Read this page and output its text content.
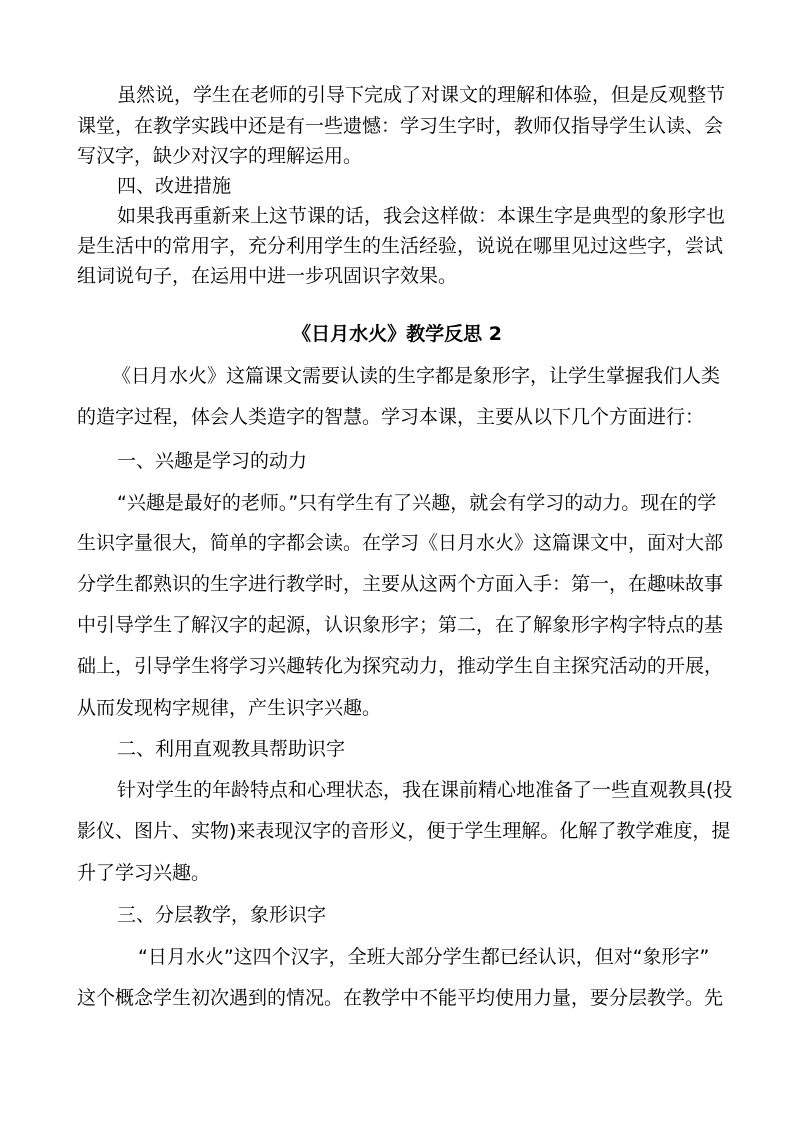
虽然说，学生在老师的引导下完成了对课文的理解和体验，但是反观整节
课堂，在教学实践中还是有一些遗憾：学习生字时，教师仅指导学生认读、会
写汉字，缺少对汉字的理解运用。
四、改进措施
如果我再重新来上这节课的话，我会这样做：本课生字是典型的象形字也
是生活中的常用字，充分利用学生的生活经验，说说在哪里见过这些字，尝试
组词说句子，在运用中进一步巩固识字效果。
《日月水火》教学反思 2
《日月水火》这篇课文需要认读的生字都是象形字，让学生掌握我们人类
的造字过程，体会人类造字的智慧。学习本课，主要从以下几个方面进行：
一、兴趣是学习的动力
“兴趣是最好的老师。”只有学生有了兴趣，就会有学习的动力。现在的学
生识字量很大，简单的字都会读。在学习《日月水火》这篇课文中，面对大部
分学生都熟识的生字进行教学时，主要从这两个方面入手：第一，在趣味故事
中引导学生了解汉字的起源，认识象形字；第二，在了解象形字构字特点的基
础上，引导学生将学习兴趣转化为探究动力，推动学生自主探究活动的开展，
从而发现构字规律，产生识字兴趣。
二、利用直观教具帮助识字
针对学生的年龄特点和心理状态，我在课前精心地准备了一些直观教具(投
影仪、图片、实物)来表现汉字的音形义，便于学生理解。化解了教学难度，提
升了学习兴趣。
三、分层教学，象形识字
“日月水火”这四个汉字，全班大部分学生都已经认识，但对“象形字”
这个概念学生初次遇到的情况。在教学中不能平均使用力量，要分层教学。先
